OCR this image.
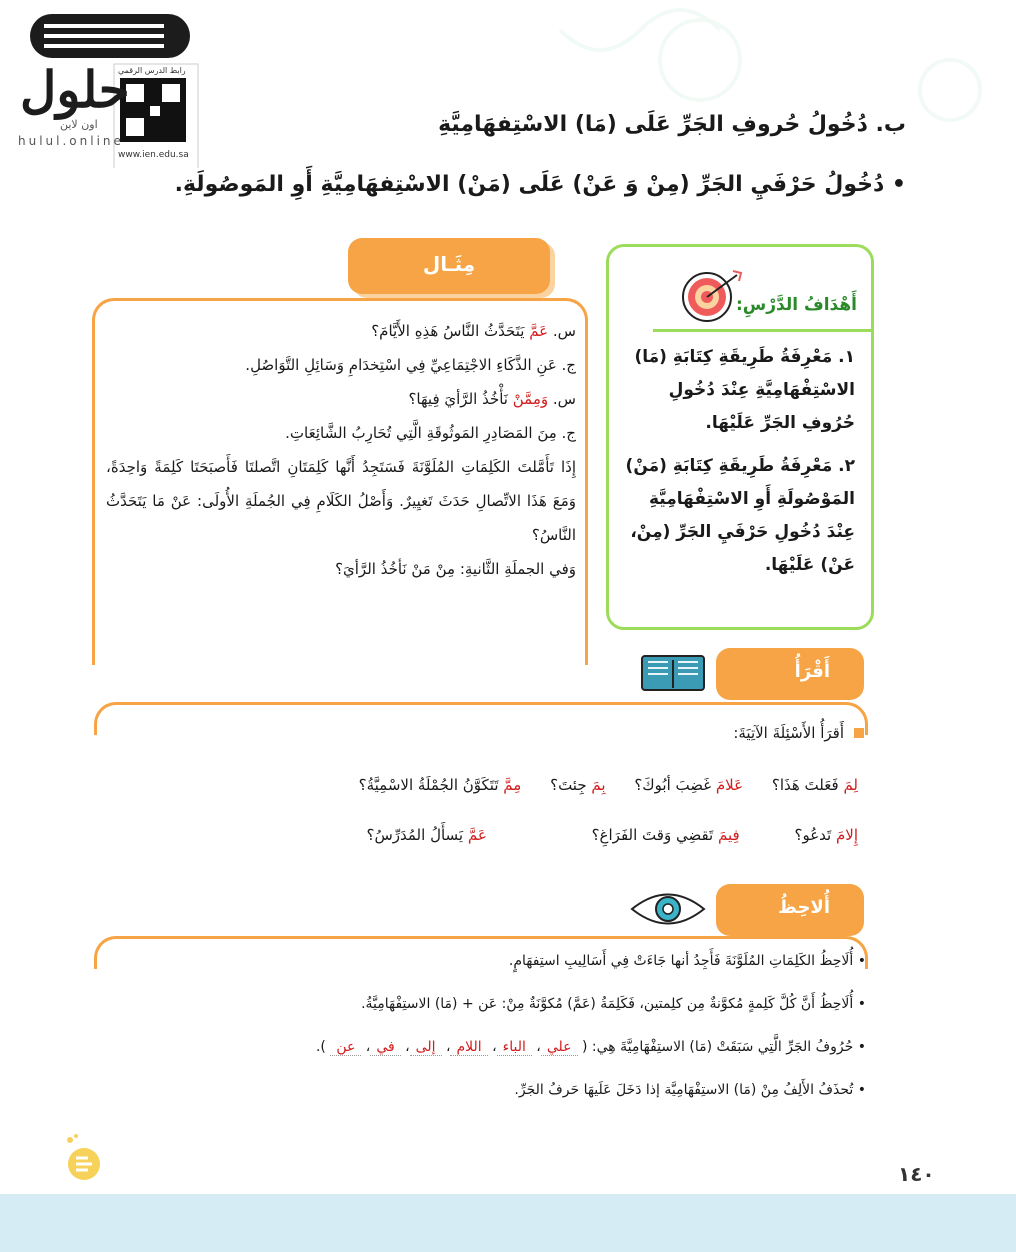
حلول
اون لاين
hulul.online
رابط الدرس الرقمي
www.ien.edu.sa
ب. دُخُولُ حُروفِ الجَرِّ عَلَى (مَا) الاسْتِفهَامِيَّةِ
• دُخُولُ حَرْفَيِ الجَرِّ (مِنْ وَ عَنْ) عَلَى (مَنْ) الاسْتِفهَامِيَّةِ أَوِ المَوصُولَةِ.
أَهْدَافُ الدَّرْسِ:

١. مَعْرِفَةُ طَرِيقَةِ كِتَابَةِ (مَا) الاسْتِفْهَامِيَّةِ عِنْدَ دُخُولِ حُرُوفِ الجَرِّ عَلَيْهَا.

٢. مَعْرِفَةُ طَرِيقَةِ كِتَابَةِ (مَنْ) المَوْصُولَةِ أَوِ الاسْتِفْهَامِيَّةِ عِنْدَ دُخُولِ حَرْفَيِ الجَرِّ (مِنْ، عَنْ) عَلَيْهَا.

مِثَـال

س. عَمَّ يَتَحَدَّثُ النَّاسُ هَذِهِ الأَيَّامَ؟

ج. عَنِ الذَّكَاءِ الاجْتِمَاعِيِّ فِي اسْتِخدَامِ وَسَائِلِ التَّوَاصُلِ.

س. وَمِمَّنْ نَأْخُذُ الرَّأيَ فِيهَا؟

ج. مِنَ المَصَادِرِ المَوثُوقَةِ الَّتِي تُحَارِبُ الشَّائِعَاتِ.

إِذَا تَأَمَّلتَ الكَلِمَاتِ المُلَوَّنَةَ فَسَتَجِدُ أَنَّها كَلِمَتَانِ اتَّصلتَا فَأَصبَحَتَا كَلِمَةً وَاحِدَةً، وَمَعَ هَذَا الاتِّصالِ حَدَثَ تَغيِيرٌ. وَأَصْلُ الكَلَامِ فِي الجُملَةِ الأُولَى: عَنْ مَا يَتَحَدَّثُ النَّاسُ؟

وَفي الجملَةِ الثَّانيةِ: مِنْ مَنْ نَأخُذُ الرَّأيَ؟

أَقْرَأُ
أَقرَأُ الأَسْئِلَةَ الآتِيَةَ:
لِمَ فَعَلتَ هَذَا؟ عَلامَ غَضِبَ أبُوكَ؟ بِمَ جِئتَ؟ مِمَّ تَتَكَوَّنُ الجُمْلَةُ الاسْمِيَّةُ؟
إِلامَ تَدعُو؟ فِيمَ تَقضِي وَقتَ الفَرَاغِ؟ عَمَّ يَسأَلُ المُدَرِّسُ؟
أُلاحِظُ
• أُلَاحِظُ الكَلِمَاتِ المُلَوَّنَةَ فَأَجِدُ أنها جَاءَتْ فِي أَسَالِيبِ استِفهَامٍ.
• أُلَاحِظُ أَنَّ كُلَّ كَلِمةٍ مُكوَّنةٌ مِن كلِمتين، فَكَلِمَةُ (عَمَّ) مُكوَّنَةٌ مِنْ: عَن + (مَا) الاستِفْهَامِيَّةُ.
• حُرُوفُ الجَرِّ الَّتِي سَبَقَتْ (مَا) الاستِفْهَامِيَّةَ هِي: ( علي، الباء، اللام، إلى، في، عن ).
• تُحذَفُ الأَلِفُ مِنْ (مَا) الاستِفْهَامِيَّة إذا دَخَلَ عَلَيهَا حَرفُ الجَرِّ.
١٤٠
